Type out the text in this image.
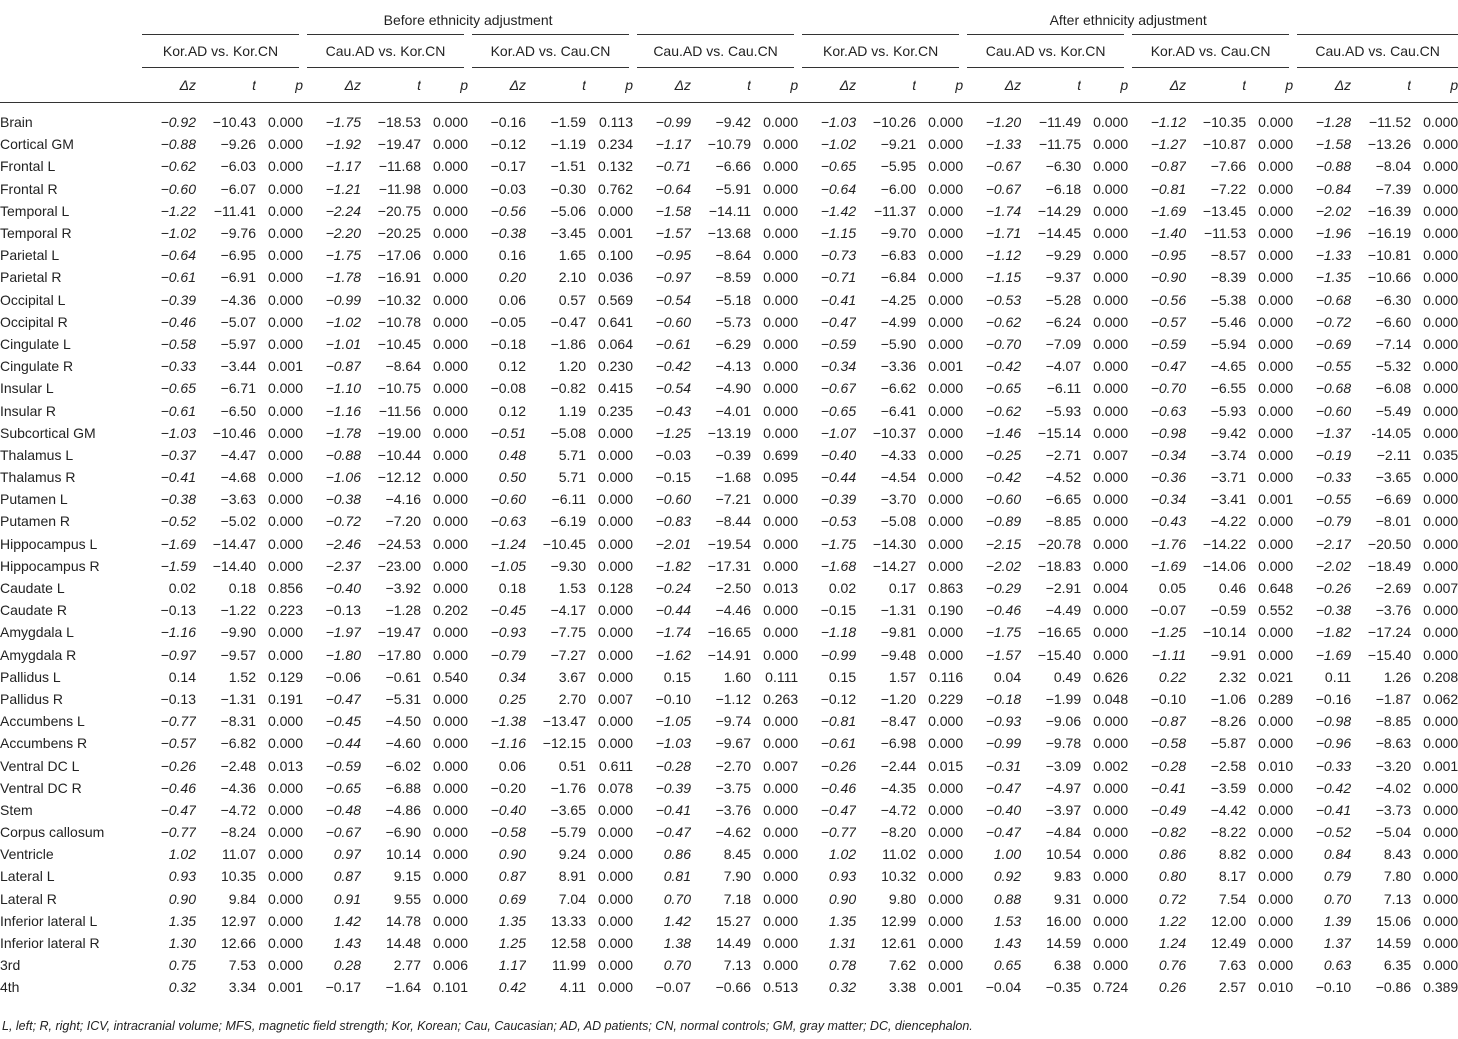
	Before ethnicity adjustment												After ethnicity adjustment											
	Kor.AD vs. Kor.CN			Cau.AD vs. Kor.CN			Kor.AD vs. Cau.CN			Cau.AD vs. Cau.CN			Kor.AD vs. Kor.CN			Cau.AD vs. Kor.CN			Kor.AD vs. Cau.CN			Cau.AD vs. Cau.CN		
	Δz	t	p	Δz	t	p	Δz	t	p	Δz	t	p	Δz	t	p	Δz	t	p	Δz	t	p	Δz	t	p

Brain	−0.92	−10.43	0.000	−1.75	−18.53	0.000	−0.16	−1.59	0.113	−0.99	−9.42	0.000	−1.03	−10.26	0.000	−1.20	−11.49	0.000	−1.12	−10.35	0.000	−1.28	−11.52	0.000
Cortical GM	−0.88	−9.26	0.000	−1.92	−19.47	0.000	−0.12	−1.19	0.234	−1.17	−10.79	0.000	−1.02	−9.21	0.000	−1.33	−11.75	0.000	−1.27	−10.87	0.000	−1.58	−13.26	0.000
Frontal L	−0.62	−6.03	0.000	−1.17	−11.68	0.000	−0.17	−1.51	0.132	−0.71	−6.66	0.000	−0.65	−5.95	0.000	−0.67	−6.30	0.000	−0.87	−7.66	0.000	−0.88	−8.04	0.000
Frontal R	−0.60	−6.07	0.000	−1.21	−11.98	0.000	−0.03	−0.30	0.762	−0.64	−5.91	0.000	−0.64	−6.00	0.000	−0.67	−6.18	0.000	−0.81	−7.22	0.000	−0.84	−7.39	0.000
Temporal L	−1.22	−11.41	0.000	−2.24	−20.75	0.000	−0.56	−5.06	0.000	−1.58	−14.11	0.000	−1.42	−11.37	0.000	−1.74	−14.29	0.000	−1.69	−13.45	0.000	−2.02	−16.39	0.000
Temporal R	−1.02	−9.76	0.000	−2.20	−20.25	0.000	−0.38	−3.45	0.001	−1.57	−13.68	0.000	−1.15	−9.70	0.000	−1.71	−14.45	0.000	−1.40	−11.53	0.000	−1.96	−16.19	0.000
Parietal L	−0.64	−6.95	0.000	−1.75	−17.06	0.000	0.16	1.65	0.100	−0.95	−8.64	0.000	−0.73	−6.83	0.000	−1.12	−9.29	0.000	−0.95	−8.57	0.000	−1.33	−10.81	0.000
Parietal R	−0.61	−6.91	0.000	−1.78	−16.91	0.000	0.20	2.10	0.036	−0.97	−8.59	0.000	−0.71	−6.84	0.000	−1.15	−9.37	0.000	−0.90	−8.39	0.000	−1.35	−10.66	0.000
Occipital L	−0.39	−4.36	0.000	−0.99	−10.32	0.000	0.06	0.57	0.569	−0.54	−5.18	0.000	−0.41	−4.25	0.000	−0.53	−5.28	0.000	−0.56	−5.38	0.000	−0.68	−6.30	0.000
Occipital R	−0.46	−5.07	0.000	−1.02	−10.78	0.000	−0.05	−0.47	0.641	−0.60	−5.73	0.000	−0.47	−4.99	0.000	−0.62	−6.24	0.000	−0.57	−5.46	0.000	−0.72	−6.60	0.000
Cingulate L	−0.58	−5.97	0.000	−1.01	−10.45	0.000	−0.18	−1.86	0.064	−0.61	−6.29	0.000	−0.59	−5.90	0.000	−0.70	−7.09	0.000	−0.59	−5.94	0.000	−0.69	−7.14	0.000
Cingulate R	−0.33	−3.44	0.001	−0.87	−8.64	0.000	0.12	1.20	0.230	−0.42	−4.13	0.000	−0.34	−3.36	0.001	−0.42	−4.07	0.000	−0.47	−4.65	0.000	−0.55	−5.32	0.000
Insular L	−0.65	−6.71	0.000	−1.10	−10.75	0.000	−0.08	−0.82	0.415	−0.54	−4.90	0.000	−0.67	−6.62	0.000	−0.65	−6.11	0.000	−0.70	−6.55	0.000	−0.68	−6.08	0.000
Insular R	−0.61	−6.50	0.000	−1.16	−11.56	0.000	0.12	1.19	0.235	−0.43	−4.01	0.000	−0.65	−6.41	0.000	−0.62	−5.93	0.000	−0.63	−5.93	0.000	−0.60	−5.49	0.000
Subcortical GM	−1.03	−10.46	0.000	−1.78	−19.00	0.000	−0.51	−5.08	0.000	−1.25	−13.19	0.000	−1.07	−10.37	0.000	−1.46	−15.14	0.000	−0.98	−9.42	0.000	−1.37	-14.05	0.000
Thalamus L	−0.37	−4.47	0.000	−0.88	−10.44	0.000	0.48	5.71	0.000	−0.03	−0.39	0.699	−0.40	−4.33	0.000	−0.25	−2.71	0.007	−0.34	−3.74	0.000	−0.19	−2.11	0.035
Thalamus R	−0.41	−4.68	0.000	−1.06	−12.12	0.000	0.50	5.71	0.000	−0.15	−1.68	0.095	−0.44	−4.54	0.000	−0.42	−4.52	0.000	−0.36	−3.71	0.000	−0.33	−3.65	0.000
Putamen L	−0.38	−3.63	0.000	−0.38	−4.16	0.000	−0.60	−6.11	0.000	−0.60	−7.21	0.000	−0.39	−3.70	0.000	−0.60	−6.65	0.000	−0.34	−3.41	0.001	−0.55	−6.69	0.000
Putamen R	−0.52	−5.02	0.000	−0.72	−7.20	0.000	−0.63	−6.19	0.000	−0.83	−8.44	0.000	−0.53	−5.08	0.000	−0.89	−8.85	0.000	−0.43	−4.22	0.000	−0.79	−8.01	0.000
Hippocampus L	−1.69	−14.47	0.000	−2.46	−24.53	0.000	−1.24	−10.45	0.000	−2.01	−19.54	0.000	−1.75	−14.30	0.000	−2.15	−20.78	0.000	−1.76	−14.22	0.000	−2.17	−20.50	0.000
Hippocampus R	−1.59	−14.40	0.000	−2.37	−23.00	0.000	−1.05	−9.30	0.000	−1.82	−17.31	0.000	−1.68	−14.27	0.000	−2.02	−18.83	0.000	−1.69	−14.06	0.000	−2.02	−18.49	0.000
Caudate L	0.02	0.18	0.856	−0.40	−3.92	0.000	0.18	1.53	0.128	−0.24	−2.50	0.013	0.02	0.17	0.863	−0.29	−2.91	0.004	0.05	0.46	0.648	−0.26	−2.69	0.007
Caudate R	−0.13	−1.22	0.223	−0.13	−1.28	0.202	−0.45	−4.17	0.000	−0.44	−4.46	0.000	−0.15	−1.31	0.190	−0.46	−4.49	0.000	−0.07	−0.59	0.552	−0.38	−3.76	0.000
Amygdala L	−1.16	−9.90	0.000	−1.97	−19.47	0.000	−0.93	−7.75	0.000	−1.74	−16.65	0.000	−1.18	−9.81	0.000	−1.75	−16.65	0.000	−1.25	−10.14	0.000	−1.82	−17.24	0.000
Amygdala R	−0.97	−9.57	0.000	−1.80	−17.80	0.000	−0.79	−7.27	0.000	−1.62	−14.91	0.000	−0.99	−9.48	0.000	−1.57	−15.40	0.000	−1.11	−9.91	0.000	−1.69	−15.40	0.000
Pallidus L	0.14	1.52	0.129	−0.06	−0.61	0.540	0.34	3.67	0.000	0.15	1.60	0.111	0.15	1.57	0.116	0.04	0.49	0.626	0.22	2.32	0.021	0.11	1.26	0.208
Pallidus R	−0.13	−1.31	0.191	−0.47	−5.31	0.000	0.25	2.70	0.007	−0.10	−1.12	0.263	−0.12	−1.20	0.229	−0.18	−1.99	0.048	−0.10	−1.06	0.289	−0.16	−1.87	0.062
Accumbens L	−0.77	−8.31	0.000	−0.45	−4.50	0.000	−1.38	−13.47	0.000	−1.05	−9.74	0.000	−0.81	−8.47	0.000	−0.93	−9.06	0.000	−0.87	−8.26	0.000	−0.98	−8.85	0.000
Accumbens R	−0.57	−6.82	0.000	−0.44	−4.60	0.000	−1.16	−12.15	0.000	−1.03	−9.67	0.000	−0.61	−6.98	0.000	−0.99	−9.78	0.000	−0.58	−5.87	0.000	−0.96	−8.63	0.000
Ventral DC L	−0.26	−2.48	0.013	−0.59	−6.02	0.000	0.06	0.51	0.611	−0.28	−2.70	0.007	−0.26	−2.44	0.015	−0.31	−3.09	0.002	−0.28	−2.58	0.010	−0.33	−3.20	0.001
Ventral DC R	−0.46	−4.36	0.000	−0.65	−6.88	0.000	−0.20	−1.76	0.078	−0.39	−3.75	0.000	−0.46	−4.35	0.000	−0.47	−4.97	0.000	−0.41	−3.59	0.000	−0.42	−4.02	0.000
Stem	−0.47	−4.72	0.000	−0.48	−4.86	0.000	−0.40	−3.65	0.000	−0.41	−3.76	0.000	−0.47	−4.72	0.000	−0.40	−3.97	0.000	−0.49	−4.42	0.000	−0.41	−3.73	0.000
Corpus callosum	−0.77	−8.24	0.000	−0.67	−6.90	0.000	−0.58	−5.79	0.000	−0.47	−4.62	0.000	−0.77	−8.20	0.000	−0.47	−4.84	0.000	−0.82	−8.22	0.000	−0.52	−5.04	0.000
Ventricle	1.02	11.07	0.000	0.97	10.14	0.000	0.90	9.24	0.000	0.86	8.45	0.000	1.02	11.02	0.000	1.00	10.54	0.000	0.86	8.82	0.000	0.84	8.43	0.000
Lateral L	0.93	10.35	0.000	0.87	9.15	0.000	0.87	8.91	0.000	0.81	7.90	0.000	0.93	10.32	0.000	0.92	9.83	0.000	0.80	8.17	0.000	0.79	7.80	0.000
Lateral R	0.90	9.84	0.000	0.91	9.55	0.000	0.69	7.04	0.000	0.70	7.18	0.000	0.90	9.80	0.000	0.88	9.31	0.000	0.72	7.54	0.000	0.70	7.13	0.000
Inferior lateral L	1.35	12.97	0.000	1.42	14.78	0.000	1.35	13.33	0.000	1.42	15.27	0.000	1.35	12.99	0.000	1.53	16.00	0.000	1.22	12.00	0.000	1.39	15.06	0.000
Inferior lateral R	1.30	12.66	0.000	1.43	14.48	0.000	1.25	12.58	0.000	1.38	14.49	0.000	1.31	12.61	0.000	1.43	14.59	0.000	1.24	12.49	0.000	1.37	14.59	0.000
3rd	0.75	7.53	0.000	0.28	2.77	0.006	1.17	11.99	0.000	0.70	7.13	0.000	0.78	7.62	0.000	0.65	6.38	0.000	0.76	7.63	0.000	0.63	6.35	0.000
4th	0.32	3.34	0.001	−0.17	−1.64	0.101	0.42	4.11	0.000	−0.07	−0.66	0.513	0.32	3.38	0.001	−0.04	−0.35	0.724	0.26	2.57	0.010	−0.10	−0.86	0.389
L, left; R, right; ICV, intracranial volume; MFS, magnetic field strength; Kor, Korean; Cau, Caucasian; AD, AD patients; CN, normal controls; GM, gray matter; DC, diencephalon.
